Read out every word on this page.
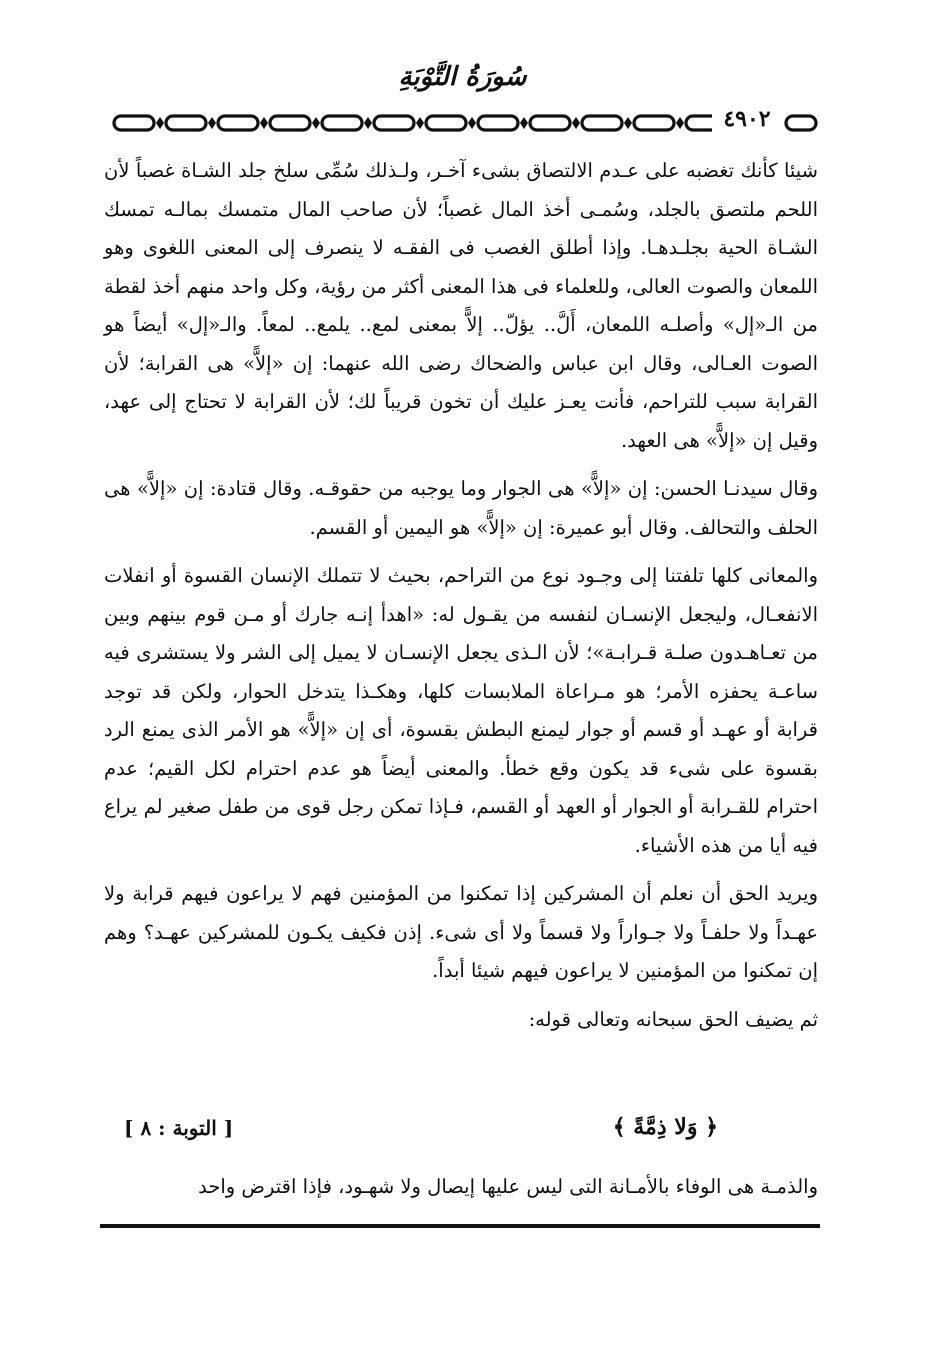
سُورَةُ التَّوْبَةِ
٤٩٠٢

شيئا كأنك تغضبه على عـدم الالتصاق بشىء آخـر، ولـذلك سُمِّى سلخ جلد الشـاة غصباً لأن اللحم ملتصق بالجلد، وسُمـى أخذ المال غصباً؛ لأن صاحب المال متمسك بمالـه تمسك الشـاة الحية بجلـدهـا. وإذا أطلق الغصب فى الفقـه لا ينصرف إلى المعنى اللغوى وهو اللمعان والصوت العالى، وللعلماء فى هذا المعنى أكثر من رؤية، وكل واحد منهم أخذ لقطة من الـ«إل» وأصلـه اللمعان، أَلَّ.. يؤلّ.. إلاًّ بمعنى لمع.. يلمع.. لمعاً. والـ«إل» أيضاً هو الصوت العـالى، وقال ابن عباس والضحاك رضى الله عنهما: إن «إلاًّ» هى القرابة؛ لأن القرابة سبب للتراحم، فأنت يعـز عليك أن تخون قريباً لك؛ لأن القرابة لا تحتاج إلى عهد، وقيل إن «إلاًّ» هى العهد.

وقال سيدنـا الحسن: إن «إلاًّ» هى الجوار وما يوجبه من حقوقـه. وقال قتادة: إن «إلاًّ» هى الحلف والتحالف. وقال أبو عميرة: إن «إلاًّ» هو اليمين أو القسم.

والمعانى كلها تلفتنا إلى وجـود نوع من التراحم، بحيث لا تتملك الإنسان القسوة أو انفلات الانفعـال، وليجعل الإنسـان لنفسه من يقـول له: «اهدأ إنـه جارك أو مـن قوم بينهم وبين من تعـاهـدون صلـة قـرابـة»؛ لأن الـذى يجعل الإنسـان لا يميل إلى الشر ولا يستشرى فيه ساعـة يحفزه الأمر؛ هو مـراعاة الملابسات كلها، وهكـذا يتدخل الحوار، ولكن قد توجد قرابة أو عهـد أو قسم أو جوار ليمنع البطش بقسوة، أى إن «إلاًّ» هو الأمر الذى يمنع الرد بقسوة على شىء قد يكون وقع خطأ. والمعنى أيضاً هو عدم احترام لكل القيم؛ عدم احترام للقـرابة أو الجوار أو العهد أو القسم، فـإذا تمكن رجل قوى من طفل صغير لم يراع فيه أيا من هذه الأشياء.

ويريد الحق أن نعلم أن المشركين إذا تمكنوا من المؤمنين فهم لا يراعون فيهم قرابة ولا عهـداً ولا حلفـاً ولا جـواراً ولا قسماً ولا أى شىء. إذن فكيف يكـون للمشركين عهـد؟ وهم إن تمكنوا من المؤمنين لا يراعون فيهم شيئا أبداً.

ثم يضيف الحق سبحانه وتعالى قوله:

﴿ وَلا ذِمَّةً ﴾
[ التوبة : ٨ ]
والذمـة هى الوفاء بالأمـانة التى ليس عليها إيصال ولا شهـود، فإذا اقترض واحد
